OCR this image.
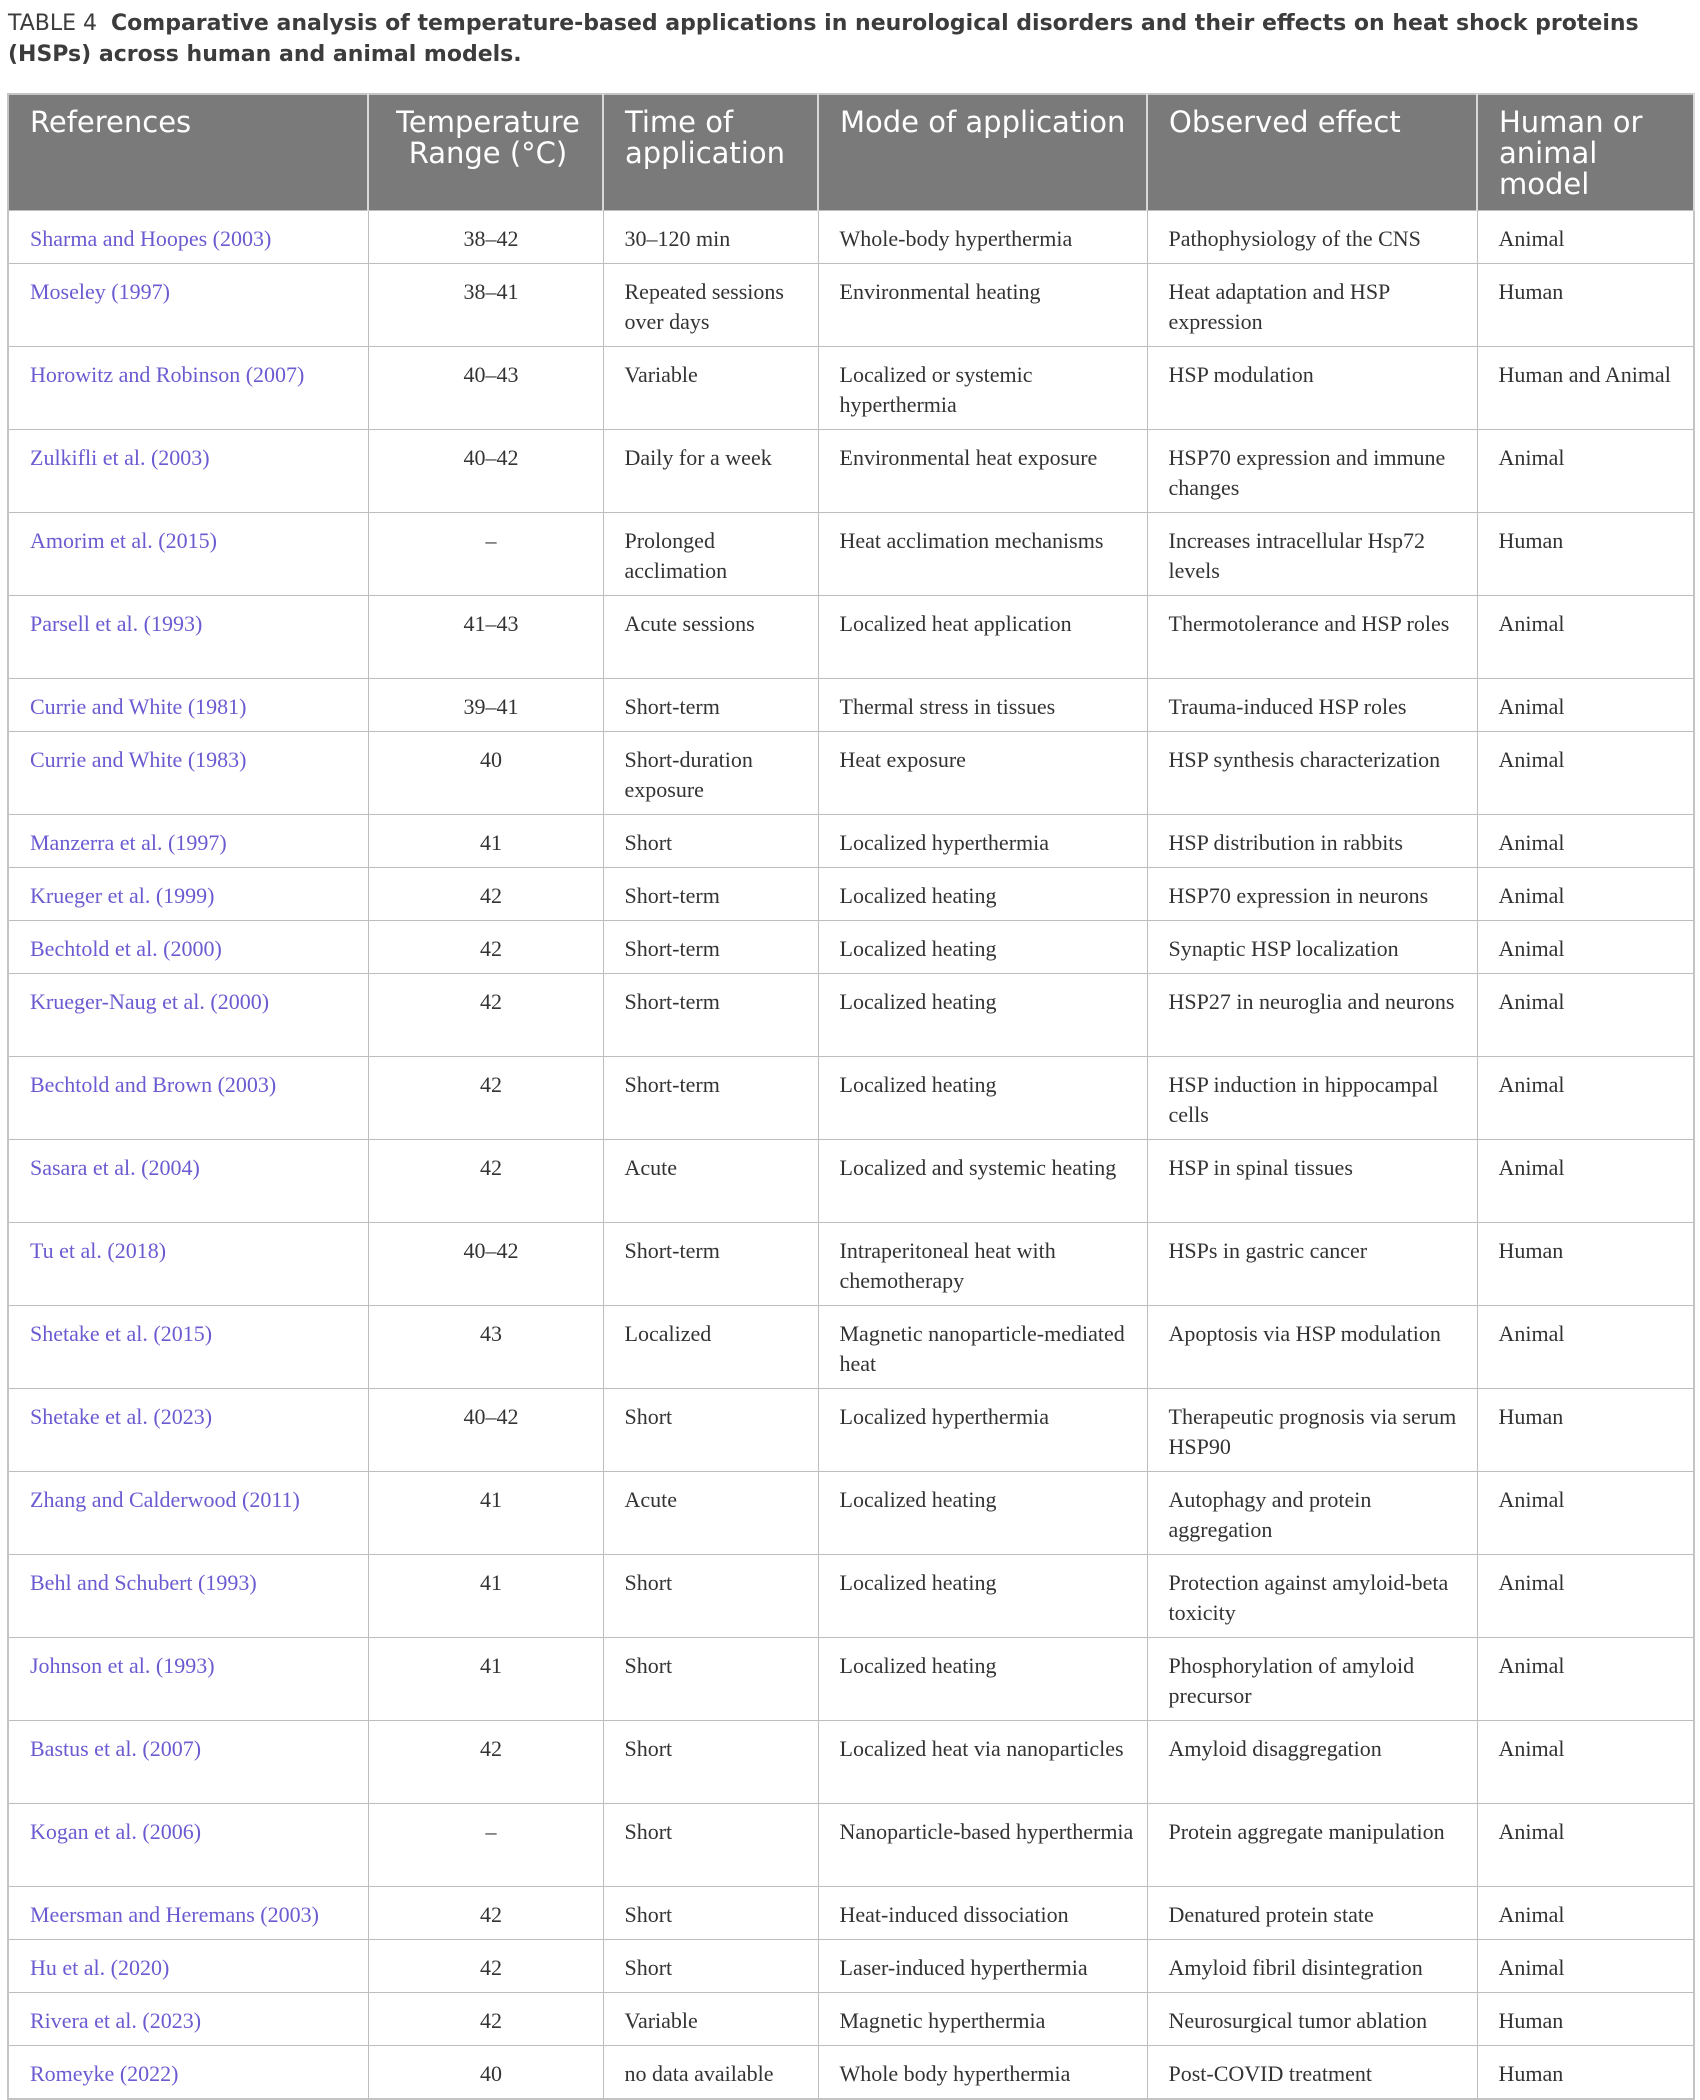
TABLE 4 Comparative analysis of temperature-based applications in neurological disorders and their effects on heat shock proteins (HSPs) across human and animal models.
References	Temperature Range (°C)	Time of application	Mode of application	Observed effect	Human or animal model
Sharma and Hoopes (2003)	38–42	30–120 min	Whole-body hyperthermia	Pathophysiology of the CNS	Animal
Moseley (1997)	38–41	Repeated sessions over days	Environmental heating	Heat adaptation and HSP expression	Human
Horowitz and Robinson (2007)	40–43	Variable	Localized or systemic hyperthermia	HSP modulation	Human and Animal
Zulkifli et al. (2003)	40–42	Daily for a week	Environmental heat exposure	HSP70 expression and immune changes	Animal
Amorim et al. (2015)	–	Prolonged acclimation	Heat acclimation mechanisms	Increases intracellular Hsp72 levels	Human
Parsell et al. (1993)	41–43	Acute sessions	Localized heat application	Thermotolerance and HSP roles	Animal
Currie and White (1981)	39–41	Short-term	Thermal stress in tissues	Trauma-induced HSP roles	Animal
Currie and White (1983)	40	Short-duration exposure	Heat exposure	HSP synthesis characterization	Animal
Manzerra et al. (1997)	41	Short	Localized hyperthermia	HSP distribution in rabbits	Animal
Krueger et al. (1999)	42	Short-term	Localized heating	HSP70 expression in neurons	Animal
Bechtold et al. (2000)	42	Short-term	Localized heating	Synaptic HSP localization	Animal
Krueger-Naug et al. (2000)	42	Short-term	Localized heating	HSP27 in neuroglia and neurons	Animal
Bechtold and Brown (2003)	42	Short-term	Localized heating	HSP induction in hippocampal cells	Animal
Sasara et al. (2004)	42	Acute	Localized and systemic heating	HSP in spinal tissues	Animal
Tu et al. (2018)	40–42	Short-term	Intraperitoneal heat with chemotherapy	HSPs in gastric cancer	Human
Shetake et al. (2015)	43	Localized	Magnetic nanoparticle-mediated heat	Apoptosis via HSP modulation	Animal
Shetake et al. (2023)	40–42	Short	Localized hyperthermia	Therapeutic prognosis via serum HSP90	Human
Zhang and Calderwood (2011)	41	Acute	Localized heating	Autophagy and protein aggregation	Animal
Behl and Schubert (1993)	41	Short	Localized heating	Protection against amyloid-beta toxicity	Animal
Johnson et al. (1993)	41	Short	Localized heating	Phosphorylation of amyloid precursor	Animal
Bastus et al. (2007)	42	Short	Localized heat via nanoparticles	Amyloid disaggregation	Animal
Kogan et al. (2006)	–	Short	Nanoparticle-based hyperthermia	Protein aggregate manipulation	Animal
Meersman and Heremans (2003)	42	Short	Heat-induced dissociation	Denatured protein state	Animal
Hu et al. (2020)	42	Short	Laser-induced hyperthermia	Amyloid fibril disintegration	Animal
Rivera et al. (2023)	42	Variable	Magnetic hyperthermia	Neurosurgical tumor ablation	Human
Romeyke (2022)	40	no data available	Whole body hyperthermia	Post-COVID treatment	Human
